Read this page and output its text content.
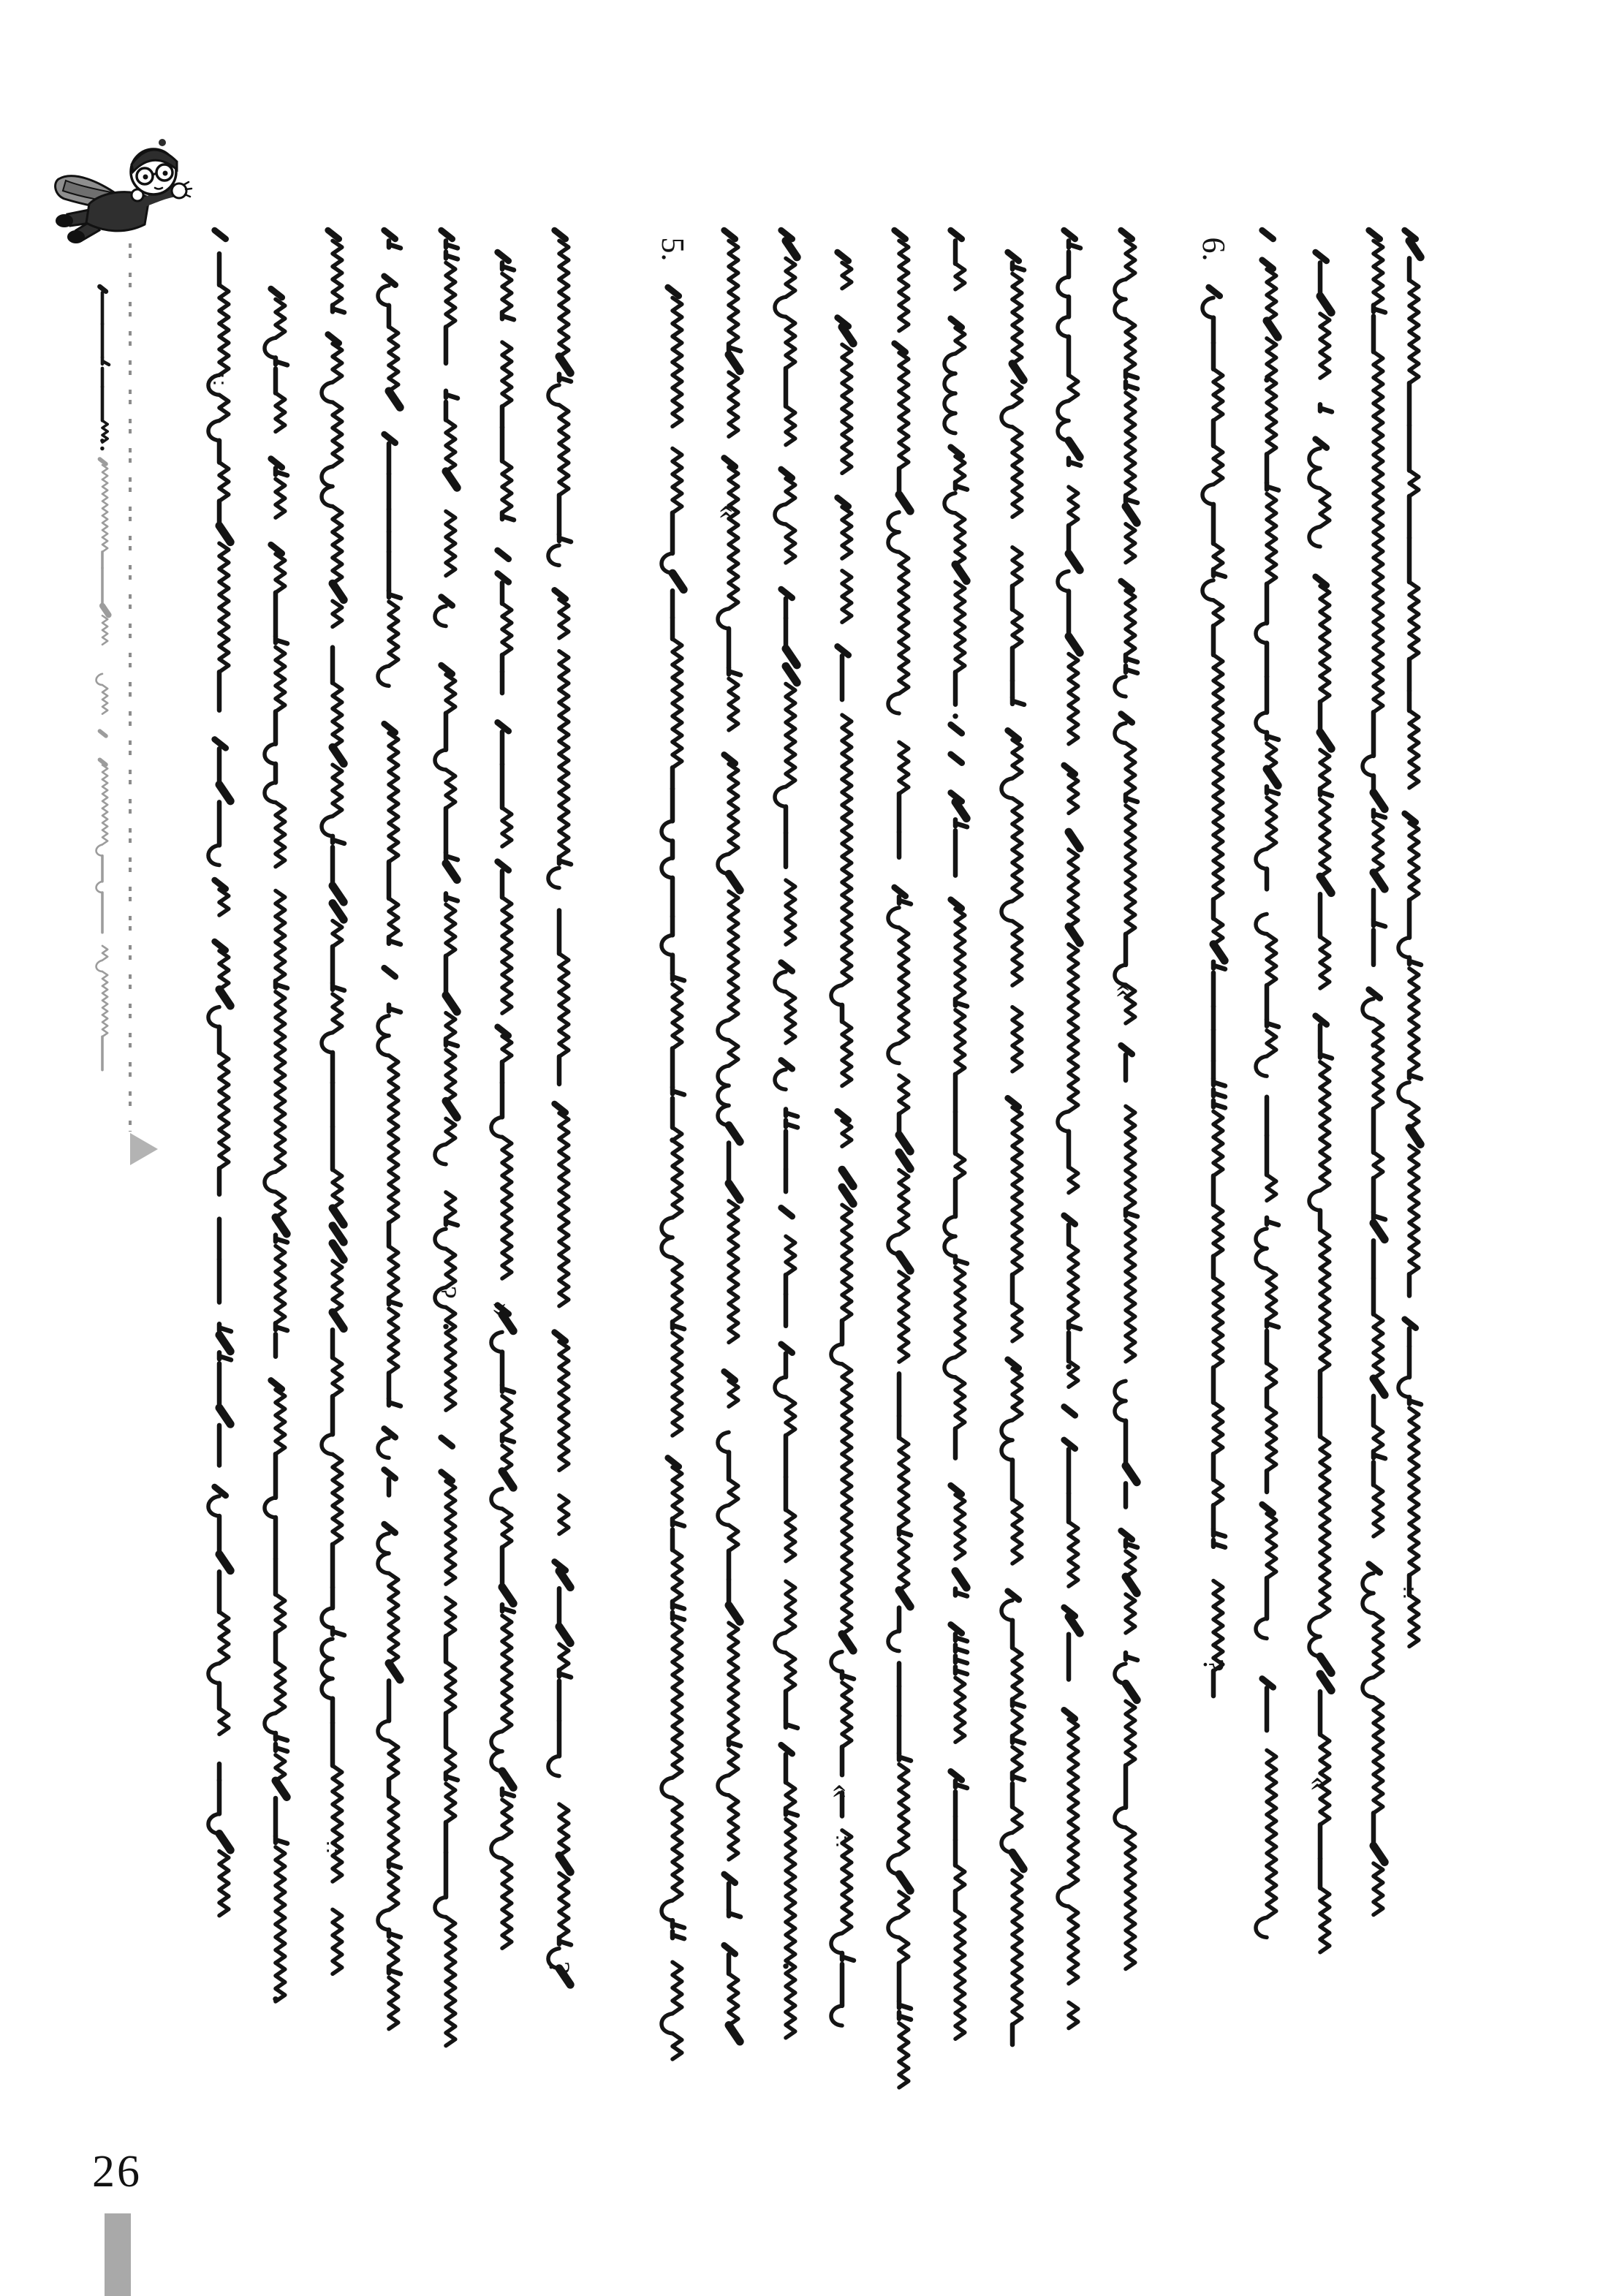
∷
·
∷
?
· »
?
5.
·
«
·
«
∷
·
·
«
6.
?
·
«
·
∷
:
26
